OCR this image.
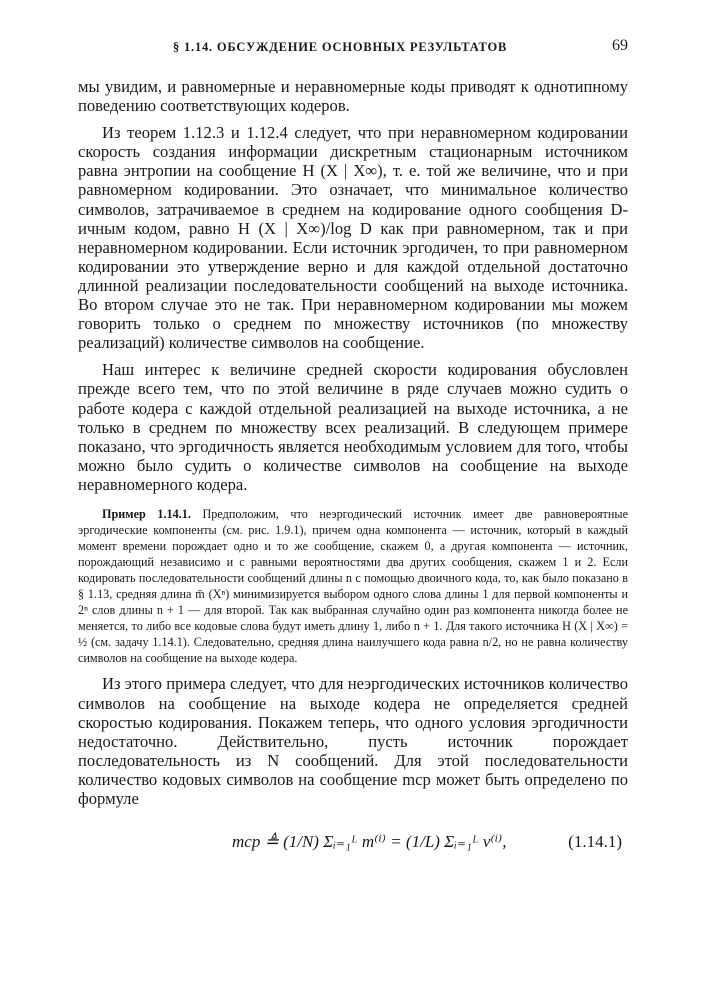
§ 1.14. ОБСУЖДЕНИЕ ОСНОВНЫХ РЕЗУЛЬТАТОВ	69

мы увидим, и равномерные и неравномерные коды приводят к однотипному поведению соответствующих кодеров.

Из теорем 1.12.3 и 1.12.4 следует, что при неравномерном кодировании скорость создания информации дискретным стационарным источником равна энтропии на сообщение H (X | X∞), т. е. той же величине, что и при равномерном кодировании. Это означает, что минимальное количество символов, затрачиваемое в среднем на кодирование одного сообщения D-ичным кодом, равно H (X | X∞)/log D как при равномерном, так и при неравномерном кодировании. Если источник эргодичен, то при равномерном кодировании это утверждение верно и для каждой отдельной достаточно длинной реализации последовательности сообщений на выходе источника. Во втором случае это не так. При неравномерном кодировании мы можем говорить только о среднем по множеству источников (по множеству реализаций) количестве символов на сообщение.

Наш интерес к величине средней скорости кодирования обусловлен прежде всего тем, что по этой величине в ряде случаев можно судить о работе кодера с каждой отдельной реализацией на выходе источника, а не только в среднем по множеству всех реализаций. В следующем примере показано, что эргодичность является необходимым условием для того, чтобы можно было судить о количестве символов на сообщение на выходе неравномерного кодера.

Пример 1.14.1. Предположим, что неэргодический источник имеет две равновероятные эргодические компоненты (см. рис. 1.9.1), причем одна компонента — источник, который в каждый момент времени порождает одно и то же сообщение, скажем 0, а другая компонента — источник, порождающий независимо и с равными вероятностями два других сообщения, скажем 1 и 2. Если кодировать последовательности сообщений длины n с помощью двоичного кода, то, как было показано в § 1.13, средняя длина m̄ (Xⁿ) минимизируется выбором одного слова длины 1 для первой компоненты и 2ⁿ слов длины n + 1 — для второй. Так как выбранная случайно один раз компонента никогда более не меняется, то либо все кодовые слова будут иметь длину 1, либо n + 1. Для такого источника H (X | X∞) = ½ (см. задачу 1.14.1). Следовательно, средняя длина наилучшего кода равна n/2, но не равна количеству символов на сообщение на выходе кодера.

Из этого примера следует, что для неэргодических источников количество символов на сообщение на выходе кодера не определяется средней скоростью кодирования. Покажем теперь, что одного условия эргодичности недостаточно. Действительно, пусть источник порождает последовательность из N сообщений. Для этой последовательности количество кодовых символов на сообщение mср может быть определено по формуле

mср ≜ (1/N) Σᵢ₌₁ᴸ m⁽ⁱ⁾ = (1/L) Σᵢ₌₁ᴸ ν⁽ⁱ⁾,	(1.14.1)
